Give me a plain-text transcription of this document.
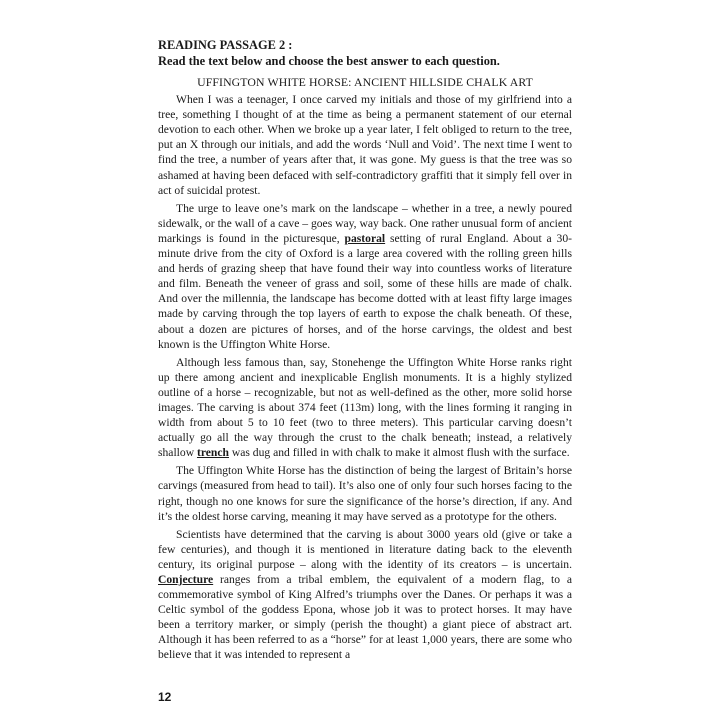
READING PASSAGE 2 :

Read the text below and choose the best answer to each question.

UFFINGTON WHITE HORSE: ANCIENT HILLSIDE CHALK ART

When I was a teenager, I once carved my initials and those of my girlfriend into a tree, something I thought of at the time as being a permanent statement of our eternal devotion to each other. When we broke up a year later, I felt obliged to return to the tree, put an X through our initials, and add the words ‘Null and Void’. The next time I went to find the tree, a number of years after that, it was gone. My guess is that the tree was so ashamed at having been defaced with self-contradictory graffiti that it simply fell over in act of suicidal protest.

The urge to leave one’s mark on the landscape – whether in a tree, a newly poured sidewalk, or the wall of a cave – goes way, way back. One rather unusual form of ancient markings is found in the picturesque, pastoral setting of rural England. About a 30-minute drive from the city of Oxford is a large area covered with the rolling green hills and herds of grazing sheep that have found their way into countless works of literature and film. Beneath the veneer of grass and soil, some of these hills are made of chalk. And over the millennia, the landscape has become dotted with at least fifty large images made by carving through the top layers of earth to expose the chalk beneath. Of these, about a dozen are pictures of horses, and of the horse carvings, the oldest and best known is the Uffington White Horse.

Although less famous than, say, Stonehenge the Uffington White Horse ranks right up there among ancient and inexplicable English monuments. It is a highly stylized outline of a horse – recognizable, but not as well-defined as the other, more solid horse images. The carving is about 374 feet (113m) long, with the lines forming it ranging in width from about 5 to 10 feet (two to three meters). This particular carving doesn’t actually go all the way through the crust to the chalk beneath; instead, a relatively shallow trench was dug and filled in with chalk to make it almost flush with the surface.

The Uffington White Horse has the distinction of being the largest of Britain’s horse carvings (measured from head to tail). It’s also one of only four such horses facing to the right, though no one knows for sure the significance of the horse’s direction, if any. And it’s the oldest horse carving, meaning it may have served as a prototype for the others.

Scientists have determined that the carving is about 3000 years old (give or take a few centuries), and though it is mentioned in literature dating back to the eleventh century, its original purpose – along with the identity of its creators – is uncertain. Conjecture ranges from a tribal emblem, the equivalent of a modern flag, to a commemorative symbol of King Alfred’s triumphs over the Danes. Or perhaps it was a Celtic symbol of the goddess Epona, whose job it was to protect horses. It may have been a territory marker, or simply (perish the thought) a giant piece of abstract art. Although it has been referred to as a “horse” for at least 1,000 years, there are some who believe that it was intended to represent a

12
